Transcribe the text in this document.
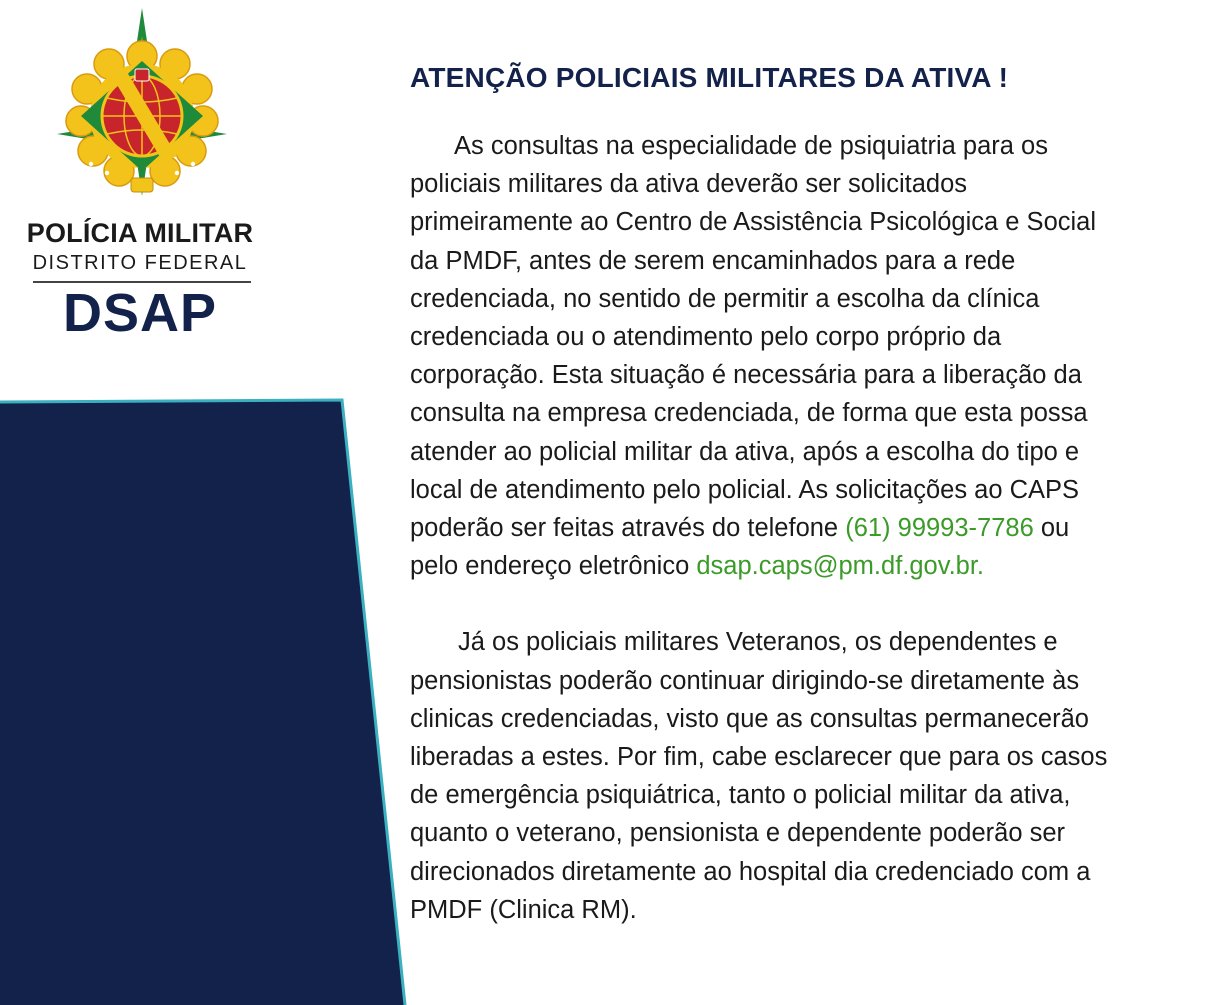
POLÍCIA MILITAR
DISTRITO FEDERAL
DSAP
ATENÇÃO POLICIAIS MILITARES DA ATIVA !

As consultas na especialidade de psiquiatria para os
policiais militares da ativa deverão ser solicitados
primeiramente ao Centro de Assistência Psicológica e Social
da PMDF, antes de serem encaminhados para a rede
credenciada, no sentido de permitir a escolha da clínica
credenciada ou o atendimento pelo corpo próprio da
corporação. Esta situação é necessária para a liberação da
consulta na empresa credenciada, de forma que esta possa
atender ao policial militar da ativa, após a escolha do tipo e
local de atendimento pelo policial. As solicitações ao CAPS
poderão ser feitas através do telefone (61) 99993-7786 ou
pelo endereço eletrônico dsap.caps@pm.df.gov.br.

Já os policiais militares Veteranos, os dependentes e
pensionistas poderão continuar dirigindo-se diretamente às
clinicas credenciadas, visto que as consultas permanecerão
liberadas a estes. Por fim, cabe esclarecer que para os casos
de emergência psiquiátrica, tanto o policial militar da ativa,
quanto o veterano, pensionista e dependente poderão ser
direcionados diretamente ao hospital dia credenciado com a
PMDF (Clinica RM).
